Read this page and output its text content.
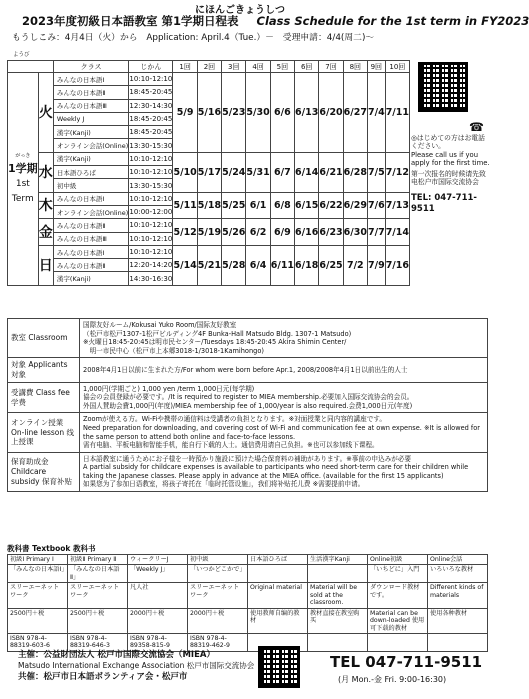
にほんごきょうしつ
2023年度初級日本語教室 第1学期日程表 Class Schedule for the 1st term in FY2023
もうしこみ：4月4日（火）から　Application: April.4（Tue.）－　受理申請：4/4(周二)～
ようび
		クラス	じかん	1回	2回	3回	4回	5回	6回	7回	8回	9回	10回

がっき
1学期
1st
Term	火	みんなの日本語Ⅰ	10:10-12:10	5/9	5/16	5/23	5/30	6/6	6/13	6/20	6/27	7/4	7/11
		みんなの日本語Ⅱ	18:45-20:45										
		みんなの日本語Ⅲ	12:30-14:30										
		Weekly J	18:45-20:45										
		漢字(Kanji)	18:45-20:45										
		オンライン会話(Online)	13:30-15:30										
	水	漢字(Kanji)	10:10-12:10	5/10	5/17	5/24	5/31	6/7	6/14	6/21	6/28	7/5	7/12
		日本語ひろば	10:10-12:10										
		初中級	13:30-15:30										
	木	みんなの日本語Ⅰ	10:10-12:10	5/11	5/18	5/25	6/1	6/8	6/15	6/22	6/29	7/6	7/13
		オンライン会話(Online)	10:00-12:00										
	金	みんなの日本語Ⅱ	10:10-12:10	5/12	5/19	5/26	6/2	6/9	6/16	6/23	6/30	7/7	7/14
		みんなの日本語Ⅲ	10:10-12:10										
	日	みんなの日本語Ⅰ	10:10-12:10	5/14	5/21	5/28	6/4	6/11	6/18	6/25	7/2	7/9	7/16
		みんなの日本語Ⅱ	12:20-14:20										
		漢字(Kanji)	14:30-16:30										
☎
◎はじめての方はお電話ください。
Please call us if you apply for the first time.
第一次报名的时候请先致电松户市国际交流协会
TEL: 047-711-9511
教室 Classroom	国際友好ルーム/Kokusai Yuko Room/国际友好教室
（松戸市松戸1307-1松戸ビルディング4F Bunka-Hall Matsudo Bldg. 1307-1 Matsudo)
※火曜日18:45-20:45は明市民センター/Tuesdays 18:45-20:45 Akira Shimin Center/
　明一市民中心（松戸市上本郷3018-1/3018-1Kamihongo)

対象 Applicants 対象	2008年4月1日以前に生まれた方/For whom were born before Apr.1, 2008/2008年4月1日以前出生的人士

受講費 Class fee 学费	1,000円(学期ごと) 1,000 yen /term 1,000日元(每学期)
協会の会員登録が必要です。/It is required to register to MIEA membership.必要加入国际交流协会的会员。
外国人賛助会費1,000円(年度)/MIEA membership fee of 1,000/year is also required.会费1,000日元(年度)

オンライン授業 On-line lesson 线上授课	Zoomが使える方。Wi-Fiや携帯の通信料は受講者の負担となります。※対面授業と同内容的講座です。
Need preparation for downloading, and covering cost of Wi-Fi and communication fee at own expense. ※It is allowed for the same person to attend both online and face-to-face lessons.
需有电脑、平板电脑和智能手机，能自行下载的人士。通信费用请自己负担。※也可以参加线下课程。

保育助成金 Childcare subsidy 保育补贴	日本語教室に通うためにお子様を一時預かり施設に預けた場合保育料の補助があります。※事前の申込みが必要
A partial subsidy for childcare expenses is available to participants who need short-term care for their children while taking the Japanese classes. Please apply in advance at the MIEA office. (available for the first 15 applicants)
如果您为了参加日语教室，将孩子寄托在「临时托管设施」，我们将补贴托儿费 ※需要提前申请。
教科書 Textbook 教科书
初級Ⅰ Primary Ⅰ	初級Ⅱ Primary Ⅱ	ウィークリーJ	初中級	日本語ひろば	生活漢字Kanji	Online初級	Online会話
「みんなの日本語Ⅰ」	「みんなの日本語Ⅱ」	「Weekly J」	「いつかどこかで」			「いちどに」入門	いろいろな教材
スリーエーネットワーク	スリーエーネットワーク	凡人社	スリーエーネットワーク	Original material	Material will be sold at the classroom.	ダウンロード教材です。	Different kinds of materials
2500円＋税	2500円＋税	2000円＋税	2000円＋税	使用教师自编的教材	教材直接在教室购买	Material can be down-loaded 使用可下载的教材	使用各种教材
ISBN 978-4-88319-603-6	ISBN 978-4-88319-646-3	ISBN 978-4-89358-815-9	ISBN 978-4-88319-462-9				
主催：公益財団法人 松戸市国際交流協会（MIEA）
Matsudo International Exchange Association 松戸市国际交流协会
共催：松戸市日本語ボランティア会・松戸市
TEL 047-711-9511
(月 Mon.-金 Fri. 9:00-16:30)
